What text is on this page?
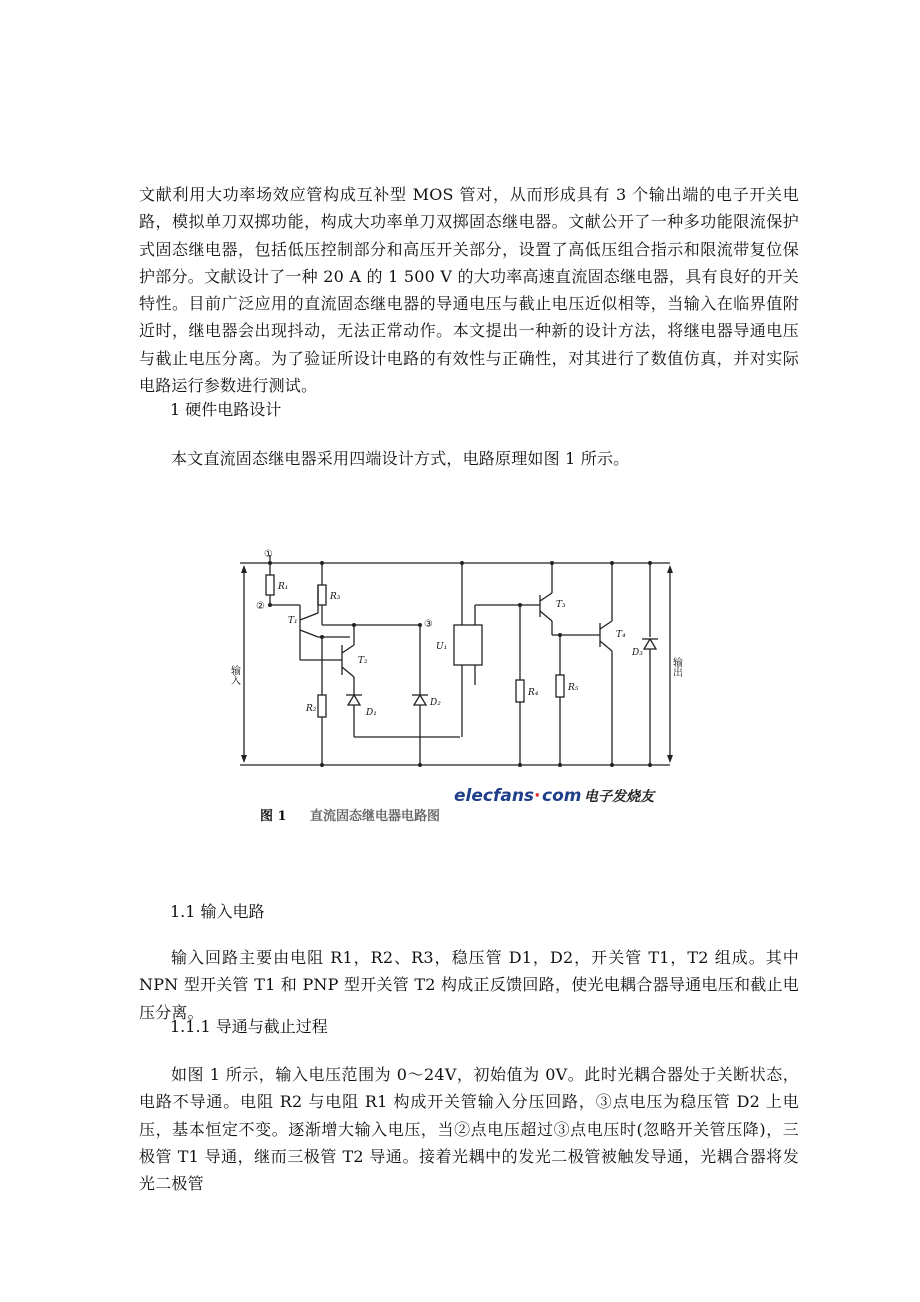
文献利用大功率场效应管构成互补型 MOS 管对，从而形成具有 3 个输出端的电子开关电路，模拟单刀双掷功能，构成大功率单刀双掷固态继电器。文献公开了一种多功能限流保护式固态继电器，包括低压控制部分和高压开关部分，设置了高低压组合指示和限流带复位保护部分。文献设计了一种 20 A 的 1 500 V 的大功率高速直流固态继电器，具有良好的开关特性。目前广泛应用的直流固态继电器的导通电压与截止电压近似相等，当输入在临界值附近时，继电器会出现抖动，无法正常动作。本文提出一种新的设计方法，将继电器导通电压与截止电压分离。为了验证所设计电路的有效性与正确性，对其进行了数值仿真，并对实际电路运行参数进行测试。

1 硬件电路设计

本文直流固态继电器采用四端设计方式，电路原理如图 1 所示。

①
②
③
R₁
R₂
R₃
R₄	R₅
T₁
T₂
T₃
T₄
D₁
D₂
D₃
U₁
输入	输出
图 1 直流固态继电器电路图
elecfans · com 电子发烧友

1.1 输入电路

输入回路主要由电阻 R1，R2、R3，稳压管 D1，D2，开关管 T1，T2 组成。其中 NPN 型开关管 T1 和 PNP 型开关管 T2 构成正反馈回路，使光电耦合器导通电压和截止电压分离。

1.1.1 导通与截止过程

如图 1 所示，输入电压范围为 0～24V，初始值为 0V。此时光耦合器处于关断状态，电路不导通。电阻 R2 与电阻 R1 构成开关管输入分压回路，③点电压为稳压管 D2 上电压，基本恒定不变。逐渐增大输入电压，当②点电压超过③点电压时(忽略开关管压降)，三极管 T1 导通，继而三极管 T2 导通。接着光耦中的发光二极管被触发导通，光耦合器将发光二极管
